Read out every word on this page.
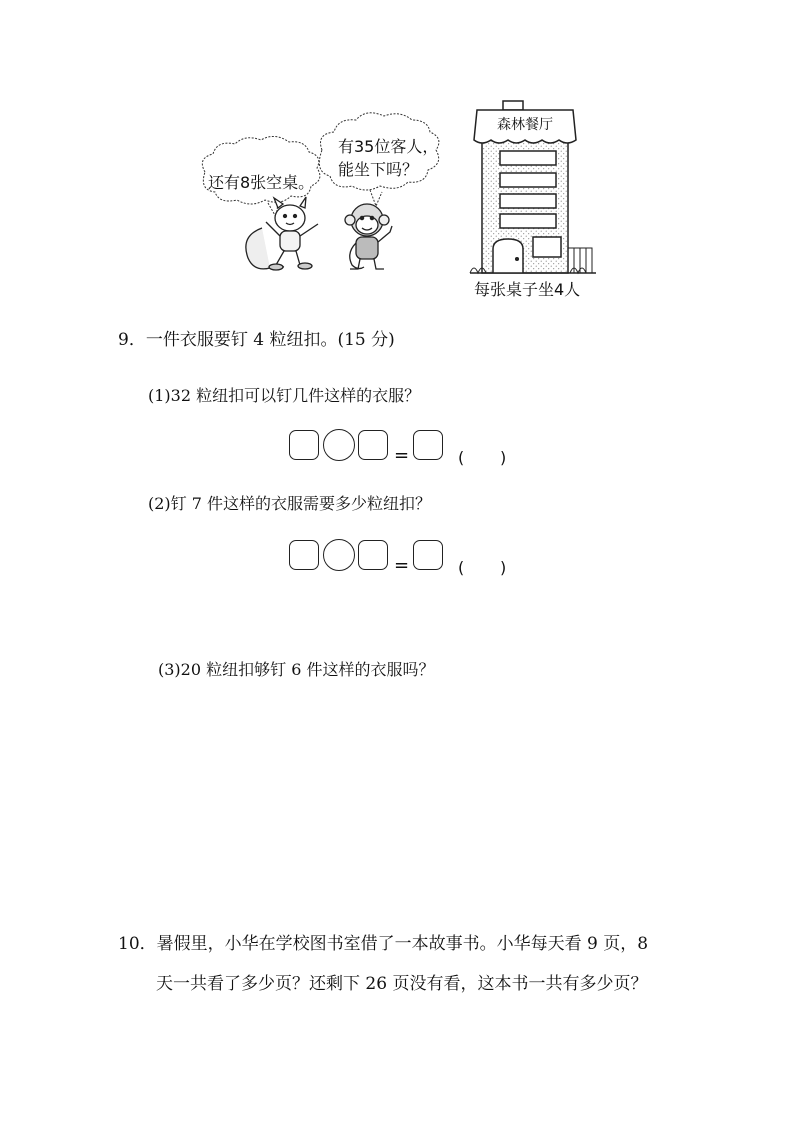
还有8张空桌。
有35位客人，
能坐下吗？
森林餐厅
每张桌子坐4人
9．一件衣服要钉 4 粒纽扣。(15 分)
(1)32 粒纽扣可以钉几件这样的衣服？
=	( )
(2)钉 7 件这样的衣服需要多少粒纽扣？
=	( )
(3)20 粒纽扣够钉 6 件这样的衣服吗？
10．暑假里，小华在学校图书室借了一本故事书。小华每天看 9 页，8
天一共看了多少页？还剩下 26 页没有看，这本书一共有多少页？
